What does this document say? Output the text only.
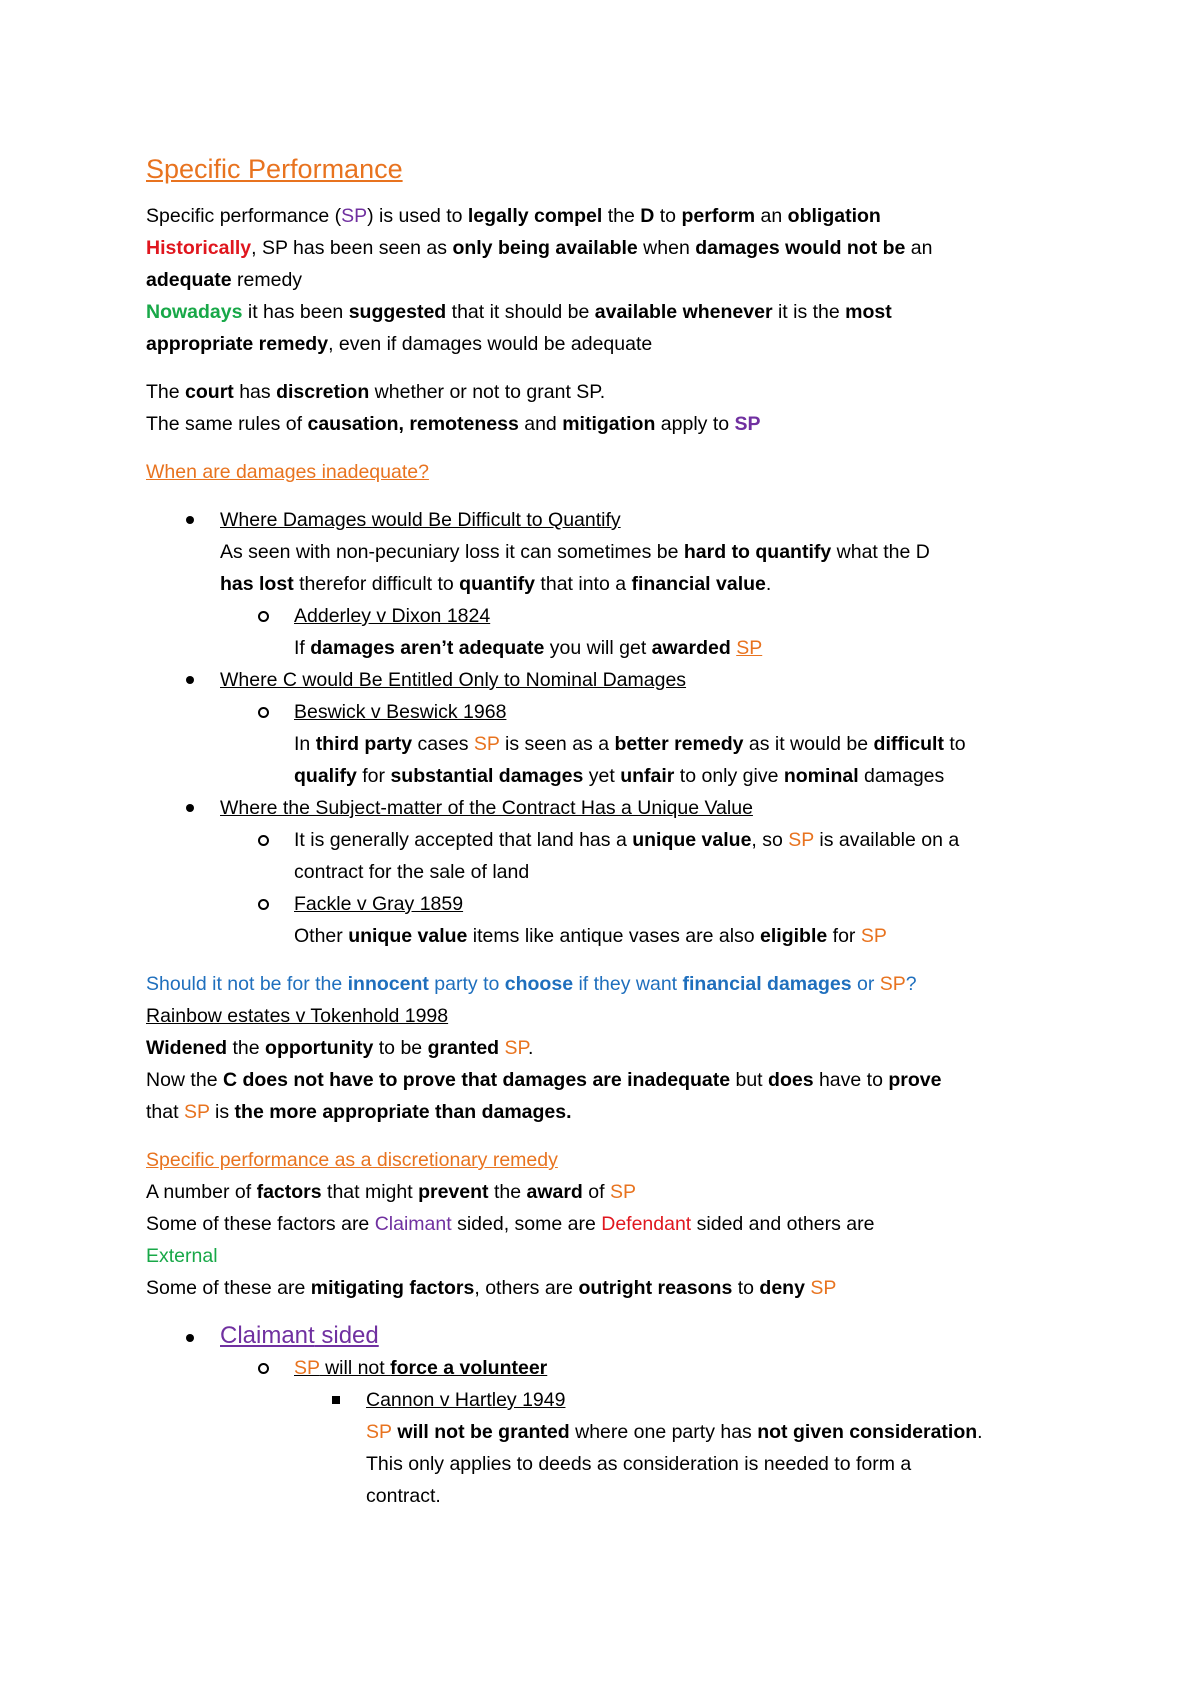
Specific Performance

Specific performance (SP) is used to legally compel the D to perform an obligation

Historically, SP has been seen as only being available when damages would not be an

adequate remedy

Nowadays it has been suggested that it should be available whenever it is the most

appropriate remedy, even if damages would be adequate

The court has discretion whether or not to grant SP.

The same rules of causation, remoteness and mitigation apply to SP

When are damages inadequate?

Where Damages would Be Difficult to Quantify
As seen with non-pecuniary loss it can sometimes be hard to quantify what the D
has lost therefor difficult to quantify that into a financial value.
Adderley v Dixon 1824
If damages aren’t adequate you will get awarded SP
Where C would Be Entitled Only to Nominal Damages
Beswick v Beswick 1968
In third party cases SP is seen as a better remedy as it would be difficult to
qualify for substantial damages yet unfair to only give nominal damages
Where the Subject-matter of the Contract Has a Unique Value
It is generally accepted that land has a unique value, so SP is available on a
contract for the sale of land
Fackle v Gray 1859
Other unique value items like antique vases are also eligible for SP

Should it not be for the innocent party to choose if they want financial damages or SP?

Rainbow estates v Tokenhold 1998

Widened the opportunity to be granted SP.

Now the C does not have to prove that damages are inadequate but does have to prove

that SP is the more appropriate than damages.

Specific performance as a discretionary remedy

A number of factors that might prevent the award of SP

Some of these factors are Claimant sided, some are Defendant sided and others are

External

Some of these are mitigating factors, others are outright reasons to deny SP

Claimant sided
SP will not force a volunteer
Cannon v Hartley 1949
SP will not be granted where one party has not given consideration.
This only applies to deeds as consideration is needed to form a
contract.
